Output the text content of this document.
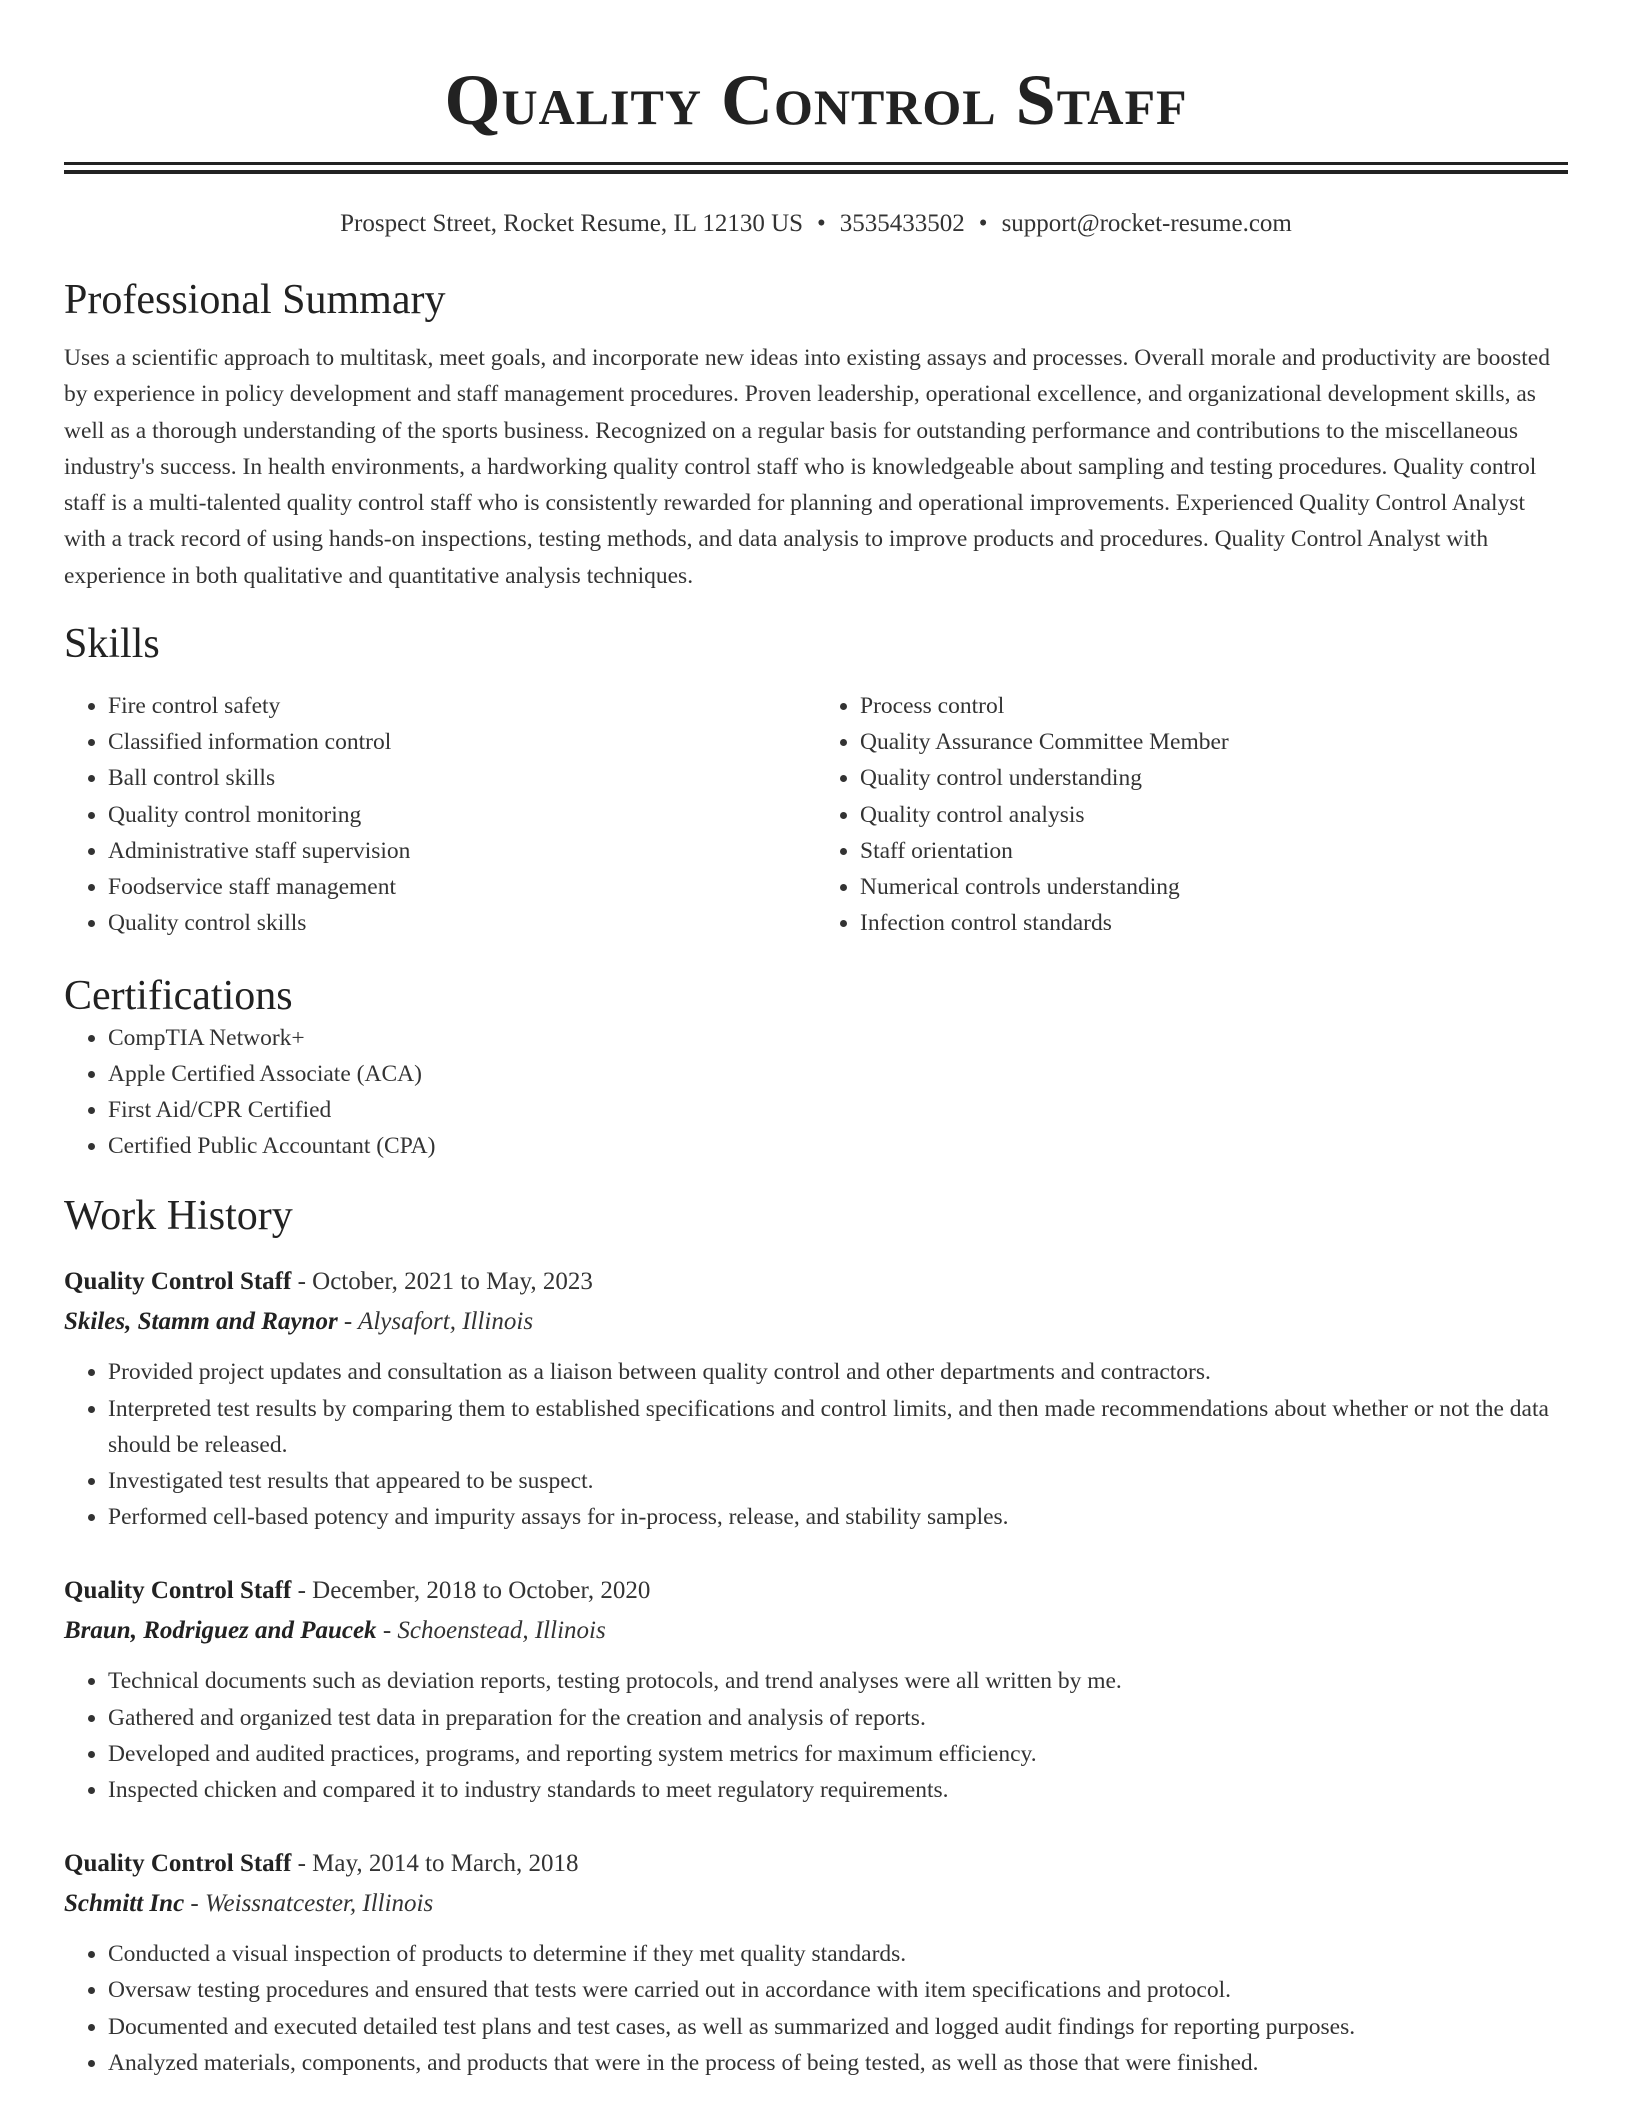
Quality Control Staff
Prospect Street, Rocket Resume, IL 12130 US • 3535433502 • support@rocket-resume.com
Professional Summary
Uses a scientific approach to multitask, meet goals, and incorporate new ideas into existing assays and processes. Overall morale and productivity are boosted by experience in policy development and staff management procedures. Proven leadership, operational excellence, and organizational development skills, as well as a thorough understanding of the sports business. Recognized on a regular basis for outstanding performance and contributions to the miscellaneous industry's success. In health environments, a hardworking quality control staff who is knowledgeable about sampling and testing procedures. Quality control staff is a multi-talented quality control staff who is consistently rewarded for planning and operational improvements. Experienced Quality Control Analyst with a track record of using hands-on inspections, testing methods, and data analysis to improve products and procedures. Quality Control Analyst with experience in both qualitative and quantitative analysis techniques.
Skills
• Fire control safety
• Classified information control
• Ball control skills
• Quality control monitoring
• Administrative staff supervision
• Foodservice staff management
• Quality control skills
• Process control
• Quality Assurance Committee Member
• Quality control understanding
• Quality control analysis
• Staff orientation
• Numerical controls understanding
• Infection control standards
Certifications
• CompTIA Network+
• Apple Certified Associate (ACA)
• First Aid/CPR Certified
• Certified Public Accountant (CPA)
Work History
Quality Control Staff - October, 2021 to May, 2023
Skiles, Stamm and Raynor - Alysafort, Illinois
• Provided project updates and consultation as a liaison between quality control and other departments and contractors.
• Interpreted test results by comparing them to established specifications and control limits, and then made recommendations about whether or not the data should be released.
• Investigated test results that appeared to be suspect.
• Performed cell-based potency and impurity assays for in-process, release, and stability samples.
Quality Control Staff - December, 2018 to October, 2020
Braun, Rodriguez and Paucek - Schoenstead, Illinois
• Technical documents such as deviation reports, testing protocols, and trend analyses were all written by me.
• Gathered and organized test data in preparation for the creation and analysis of reports.
• Developed and audited practices, programs, and reporting system metrics for maximum efficiency.
• Inspected chicken and compared it to industry standards to meet regulatory requirements.
Quality Control Staff - May, 2014 to March, 2018
Schmitt Inc - Weissnatcester, Illinois
• Conducted a visual inspection of products to determine if they met quality standards.
• Oversaw testing procedures and ensured that tests were carried out in accordance with item specifications and protocol.
• Documented and executed detailed test plans and test cases, as well as summarized and logged audit findings for reporting purposes.
• Analyzed materials, components, and products that were in the process of being tested, as well as those that were finished.
